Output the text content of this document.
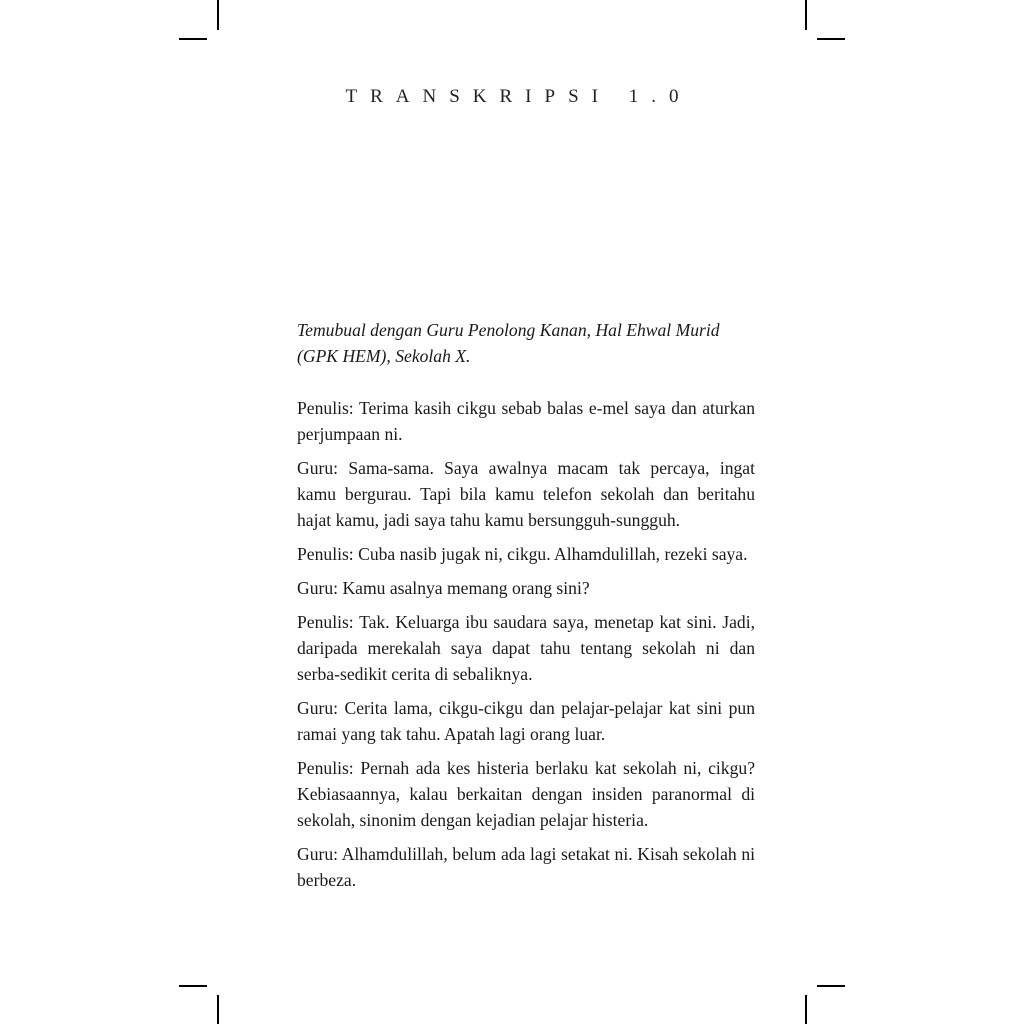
TRANSKRIPSI 1.0

Temubual dengan Guru Penolong Kanan, Hal Ehwal Murid (GPK HEM), Sekolah X.

Penulis: Terima kasih cikgu sebab balas e-mel saya dan aturkan perjumpaan ni.

Guru: Sama-sama. Saya awalnya macam tak percaya, ingat kamu bergurau. Tapi bila kamu telefon sekolah dan beritahu hajat kamu, jadi saya tahu kamu bersungguh-sungguh.

Penulis: Cuba nasib jugak ni, cikgu. Alhamdulillah, rezeki saya.

Guru: Kamu asalnya memang orang sini?

Penulis: Tak. Keluarga ibu saudara saya, menetap kat sini. Jadi, daripada merekalah saya dapat tahu tentang sekolah ni dan serba-sedikit cerita di sebaliknya.

Guru: Cerita lama, cikgu-cikgu dan pelajar-pelajar kat sini pun ramai yang tak tahu. Apatah lagi orang luar.

Penulis: Pernah ada kes histeria berlaku kat sekolah ni, cikgu? Kebiasaannya, kalau berkaitan dengan insiden paranormal di sekolah, sinonim dengan kejadian pelajar histeria.

Guru: Alhamdulillah, belum ada lagi setakat ni. Kisah sekolah ni berbeza.
